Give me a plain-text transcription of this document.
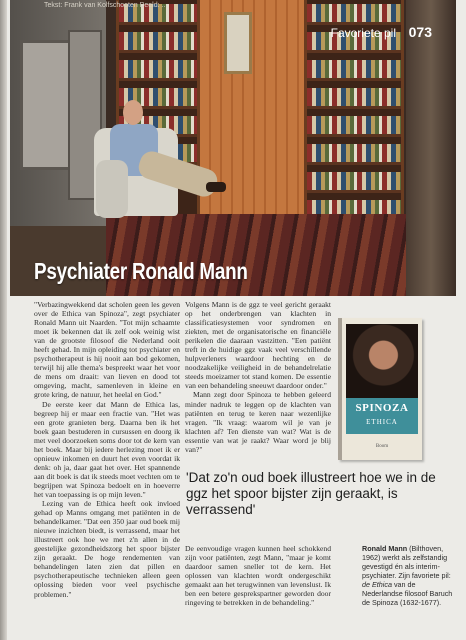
Tekst: Frank van Kolfschooten Beeld: ...
Favoriete pil 073
Psychiater Ronald Mann

"Verbazingwekkend dat scholen geen les geven over de Ethica van Spinoza", zegt psychiater Ronald Mann uit Naarden. "Tot mijn schaamte moet ik bekennen dat ik zelf ook weinig wist van de grootste filosoof die Nederland ooit heeft gehad. In mijn opleiding tot psychiater en psychotherapeut is hij nooit aan bod gekomen, terwijl hij alle thema's bespreekt waar het voor de mens om draait: van lieven en dood tot omgeving, macht, samenleven in kleine en grote kring, de natuur, het heelal en God."

De eerste keer dat Mann de Ethica las, begreep hij er maar een fractie van. "Het was een grote granieten berg. Daarna ben ik het boek gaan bestuderen in cursussen en doorg ik met veel doorzoeken soms door tot de kern van het boek. Maar bij iedere herlezing moet ik er opnieuw inkomen en duurt het even voordat ik denk: oh ja, daar gaat het over. Het spannende aan dit boek is dat ik steeds moet vechten om te begrijpen wat Spinoza bedoelt en in hoeverre het van toepassing is op mijn leven."

Lezing van de Ethica heeft ook invloed gehad op Manns omgang met patiënten in de behandelkamer. "Dat een 350 jaar oud boek mij nieuwe inzichten biedt, is verrassend, maar het illustreert ook hoe we met z'n allen in de geestelijke gezondheidszorg het spoor bijster zijn geraakt. De hoge rendementen van behandelingen laten zien dat pillen en psychotherapeutische technieken alleen geen oplossing bieden voor veel psychische problemen."

Volgens Mann is de ggz te veel gericht geraakt op het onderbrengen van klachten in classificatiesystemen voor syndromen en ziekten, met de organisatorische en financiële perikelen die daaraan vastzitten. "Een patiënt treft in de huidige ggz vaak veel verschillende hulpverleners waardoor hechting en de noodzakelijke veiligheid in de behandelrelatie steeds moeizamer tot stand komen. De essentie van een behandeling sneeuwt daardoor onder."

Mann zegt door Spinoza te hebben geleerd minder nadruk te leggen op de klachten van patiënten en terug te keren naar wezenlijke vragen. "Ik vraag: waarom wil je van je klachten af? Ten dienste van wat? Wat is de essentie van wat je raakt? Waar word je blij van?"

'Dat zo'n oud boek illustreert hoe we in de ggz het spoor bijster zijn geraakt, is verrassend'

De eenvoudige vragen kunnen heel schokkend zijn voor patiënten, zegt Mann, "maar je komt daardoor samen sneller tot de kern. Het oplossen van klachten wordt ondergeschikt gemaakt aan het terugwinnen van levenslust. Ik ben een betere gesprekspartner geworden door ringeving te betrekken in de behandeling."

SPINOZA
ETHICA
Boom
Ronald Mann (Bilthoven, 1962) werkt als zelfstandig gevestigd én als interim-psychiater. Zijn favoriete pil: de Ethica van de Nederlandse filosoof Baruch de Spinoza (1632-1677).
